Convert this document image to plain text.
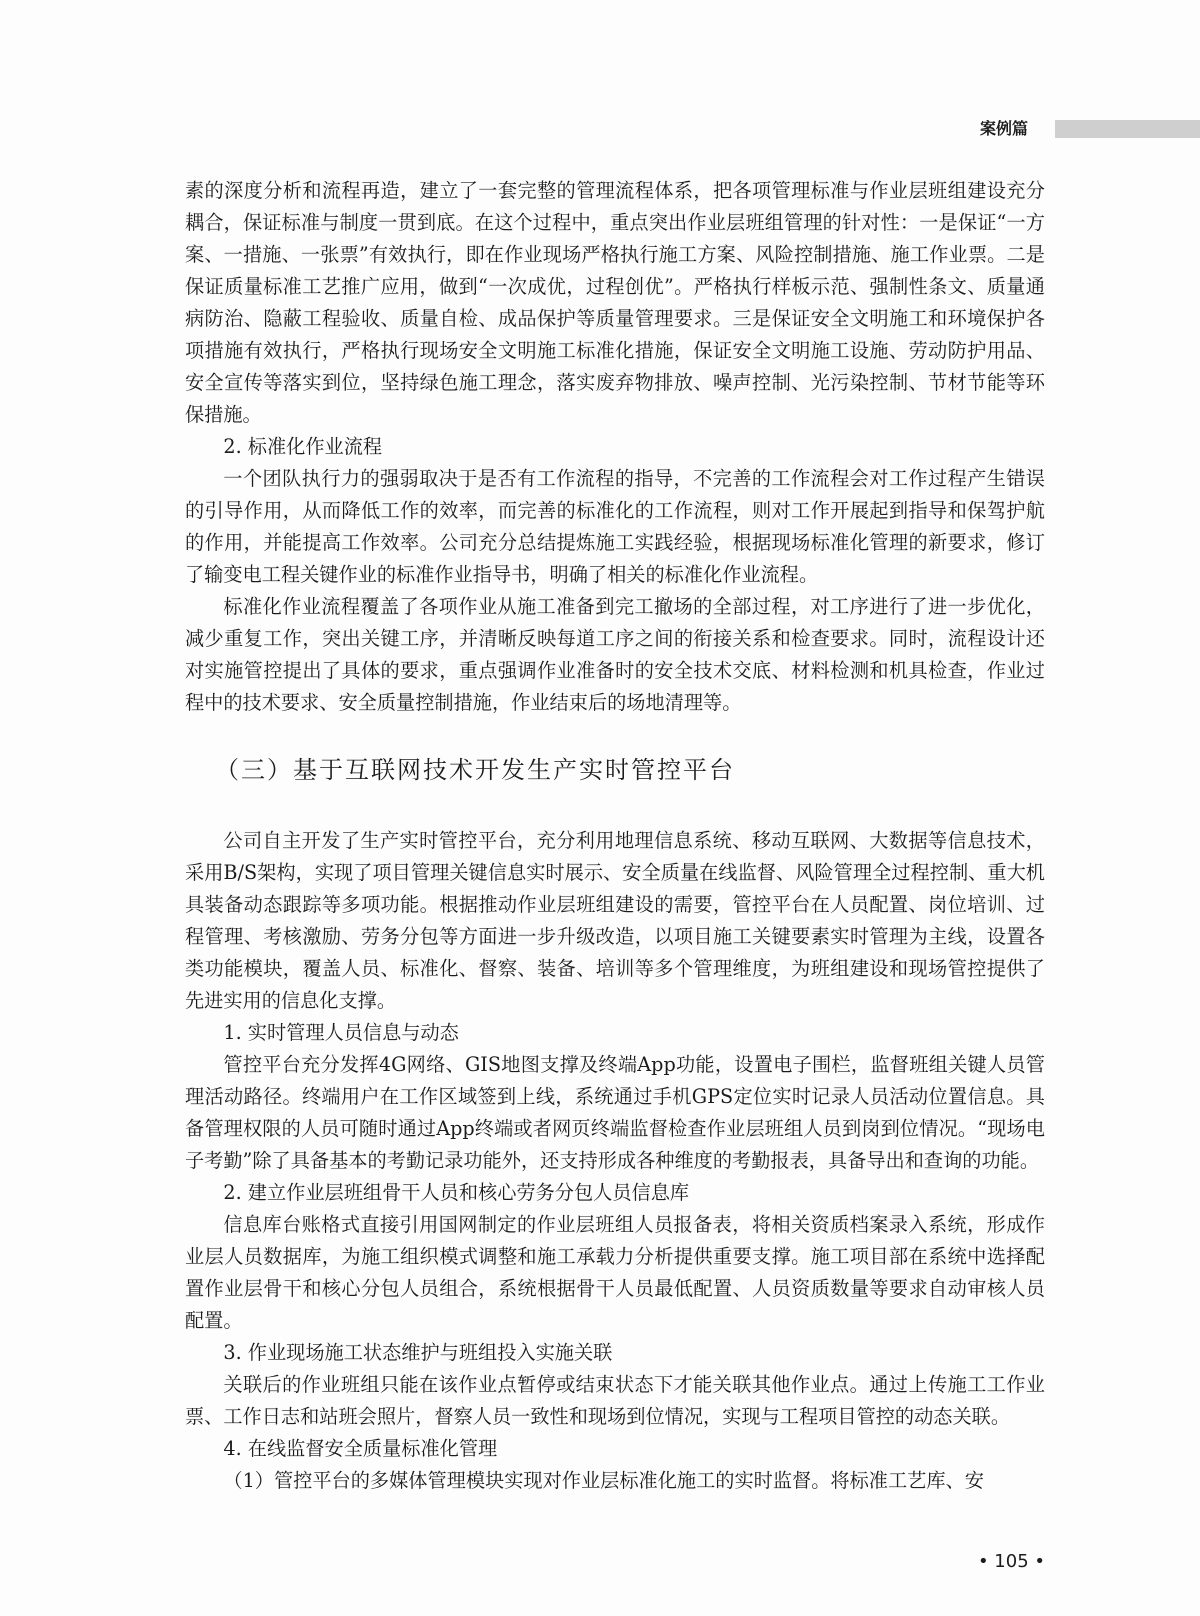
案例篇

素的深度分析和流程再造，建立了一套完整的管理流程体系，把各项管理标准与作业层班组建设充分耦合，保证标准与制度一贯到底。在这个过程中，重点突出作业层班组管理的针对性：一是保证“一方案、一措施、一张票”有效执行，即在作业现场严格执行施工方案、风险控制措施、施工作业票。二是保证质量标准工艺推广应用，做到“一次成优，过程创优”。严格执行样板示范、强制性条文、质量通病防治、隐蔽工程验收、质量自检、成品保护等质量管理要求。三是保证安全文明施工和环境保护各项措施有效执行，严格执行现场安全文明施工标准化措施，保证安全文明施工设施、劳动防护用品、安全宣传等落实到位，坚持绿色施工理念，落实废弃物排放、噪声控制、光污染控制、节材节能等环保措施。

2. 标准化作业流程

一个团队执行力的强弱取决于是否有工作流程的指导，不完善的工作流程会对工作过程产生错误的引导作用，从而降低工作的效率，而完善的标准化的工作流程，则对工作开展起到指导和保驾护航的作用，并能提高工作效率。公司充分总结提炼施工实践经验，根据现场标准化管理的新要求，修订了输变电工程关键作业的标准作业指导书，明确了相关的标准化作业流程。

标准化作业流程覆盖了各项作业从施工准备到完工撤场的全部过程，对工序进行了进一步优化，减少重复工作，突出关键工序，并清晰反映每道工序之间的衔接关系和检查要求。同时，流程设计还对实施管控提出了具体的要求，重点强调作业准备时的安全技术交底、材料检测和机具检查，作业过程中的技术要求、安全质量控制措施，作业结束后的场地清理等。

（三）基于互联网技术开发生产实时管控平台

公司自主开发了生产实时管控平台，充分利用地理信息系统、移动互联网、大数据等信息技术，采用B/S架构，实现了项目管理关键信息实时展示、安全质量在线监督、风险管理全过程控制、重大机具装备动态跟踪等多项功能。根据推动作业层班组建设的需要，管控平台在人员配置、岗位培训、过程管理、考核激励、劳务分包等方面进一步升级改造，以项目施工关键要素实时管理为主线，设置各类功能模块，覆盖人员、标准化、督察、装备、培训等多个管理维度，为班组建设和现场管控提供了先进实用的信息化支撑。

1. 实时管理人员信息与动态

管控平台充分发挥4G网络、GIS地图支撑及终端App功能，设置电子围栏，监督班组关键人员管理活动路径。终端用户在工作区域签到上线，系统通过手机GPS定位实时记录人员活动位置信息。具备管理权限的人员可随时通过App终端或者网页终端监督检查作业层班组人员到岗到位情况。“现场电子考勤”除了具备基本的考勤记录功能外，还支持形成各种维度的考勤报表，具备导出和查询的功能。

2. 建立作业层班组骨干人员和核心劳务分包人员信息库

信息库台账格式直接引用国网制定的作业层班组人员报备表，将相关资质档案录入系统，形成作业层人员数据库，为施工组织模式调整和施工承载力分析提供重要支撑。施工项目部在系统中选择配置作业层骨干和核心分包人员组合，系统根据骨干人员最低配置、人员资质数量等要求自动审核人员配置。

3. 作业现场施工状态维护与班组投入实施关联

关联后的作业班组只能在该作业点暂停或结束状态下才能关联其他作业点。通过上传施工工作业票、工作日志和站班会照片，督察人员一致性和现场到位情况，实现与工程项目管控的动态关联。

4. 在线监督安全质量标准化管理

（1）管控平台的多媒体管理模块实现对作业层标准化施工的实时监督。将标准工艺库、安

• 105 •
